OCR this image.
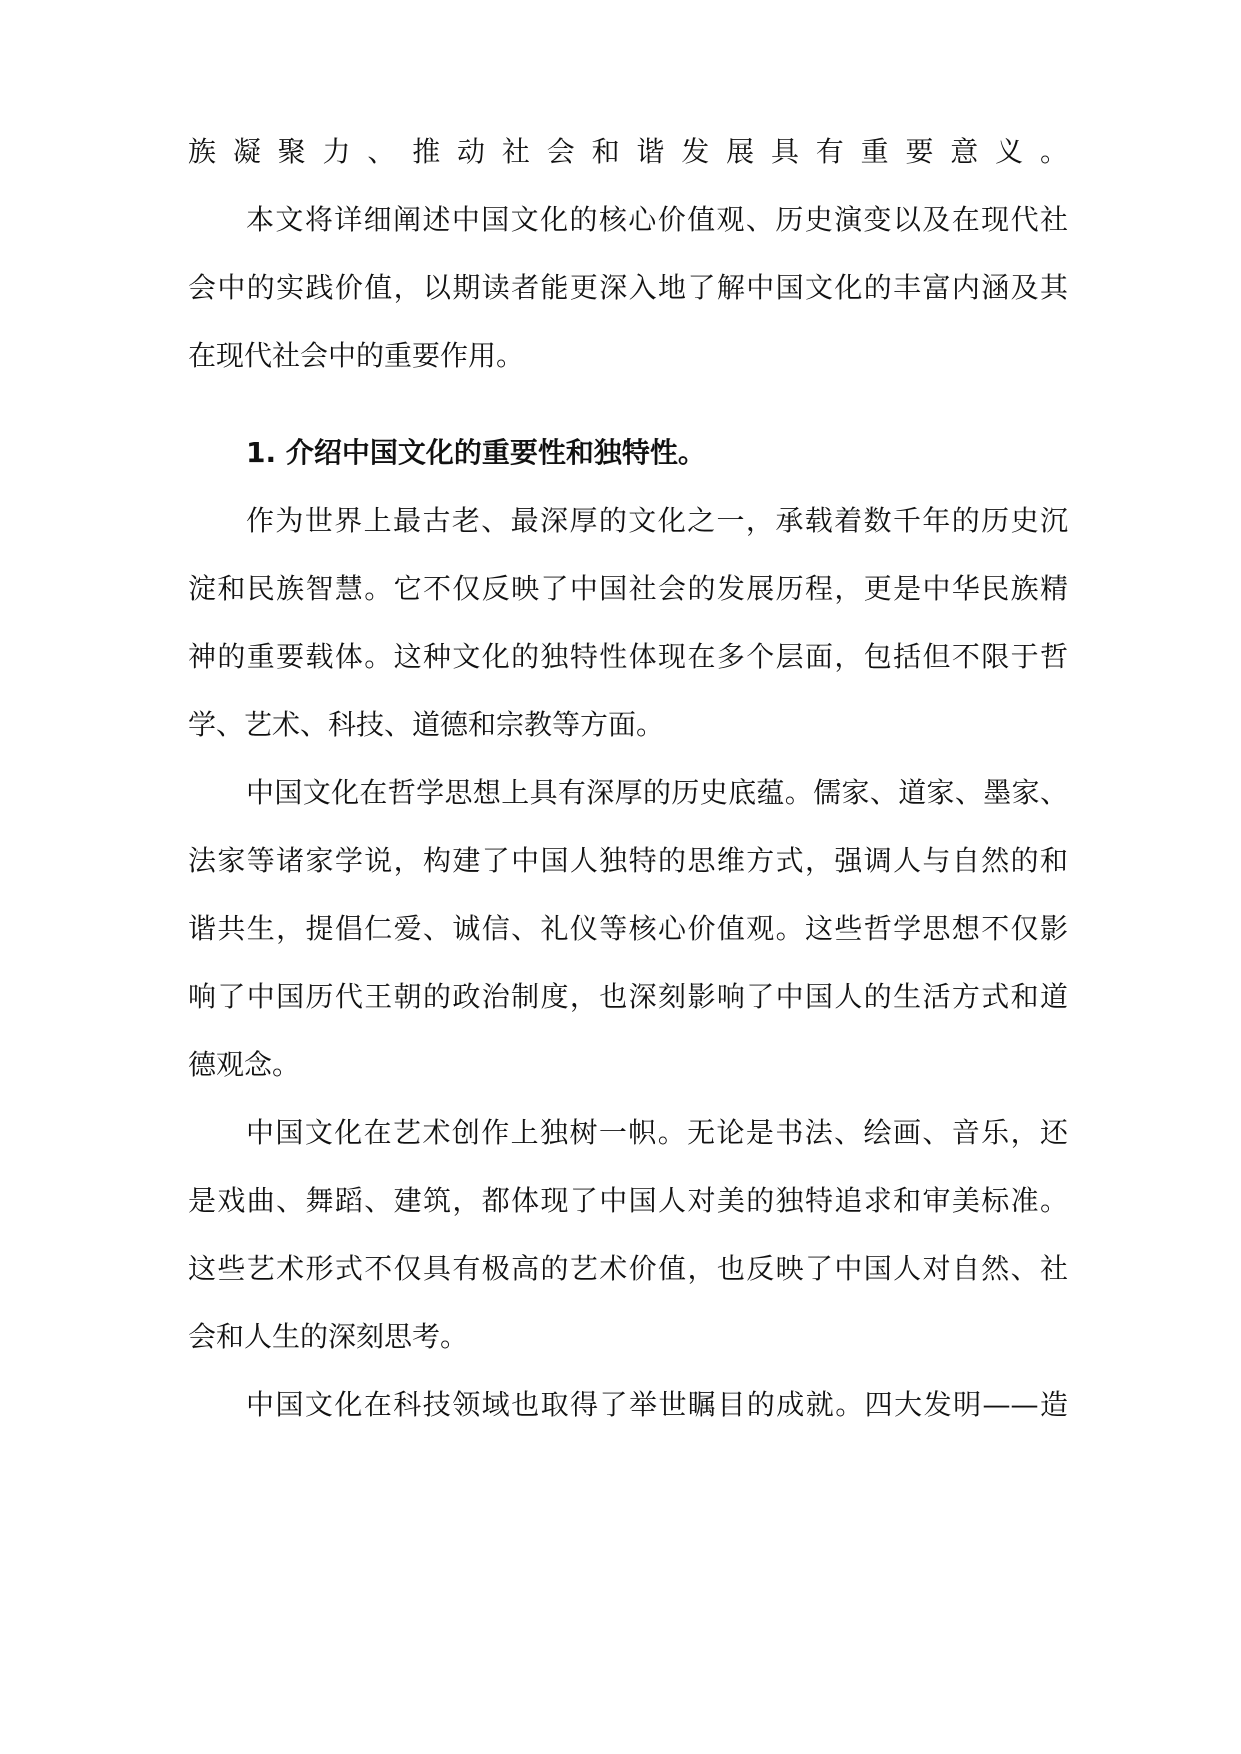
族凝聚力、推动社会和谐发展具有重要意义。
本文将详细阐述中国文化的核心价值观、历史演变以及在现代社
会中的实践价值，以期读者能更深入地了解中国文化的丰富内涵及其
在现代社会中的重要作用。
1. 介绍中国文化的重要性和独特性。
作为世界上最古老、最深厚的文化之一，承载着数千年的历史沉
淀和民族智慧。它不仅反映了中国社会的发展历程，更是中华民族精
神的重要载体。这种文化的独特性体现在多个层面，包括但不限于哲
学、艺术、科技、道德和宗教等方面。
中国文化在哲学思想上具有深厚的历史底蕴。儒家、道家、墨家、
法家等诸家学说，构建了中国人独特的思维方式，强调人与自然的和
谐共生，提倡仁爱、诚信、礼仪等核心价值观。这些哲学思想不仅影
响了中国历代王朝的政治制度，也深刻影响了中国人的生活方式和道
德观念。
中国文化在艺术创作上独树一帜。无论是书法、绘画、音乐，还
是戏曲、舞蹈、建筑，都体现了中国人对美的独特追求和审美标准。
这些艺术形式不仅具有极高的艺术价值，也反映了中国人对自然、社
会和人生的深刻思考。
中国文化在科技领域也取得了举世瞩目的成就。四大发明——造
